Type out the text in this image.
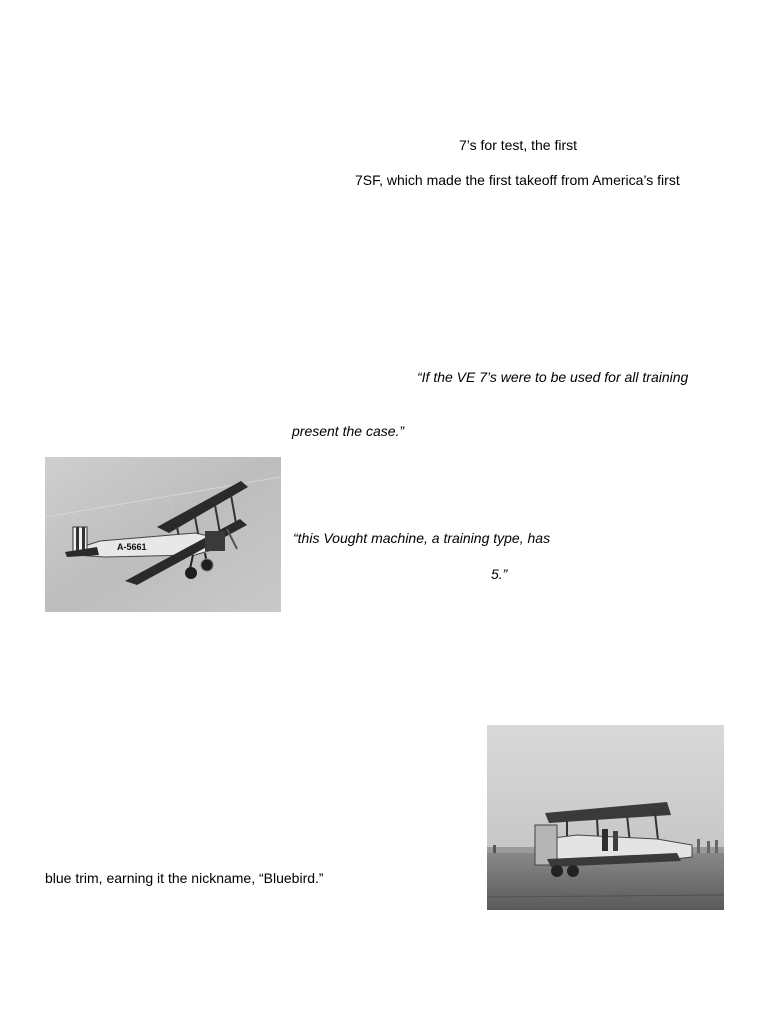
7’s for test, the first
7SF, which made the first takeoff from America’s first
“If the VE 7’s were to be used for all training
present the case.”
“this Vought machine, a training type, has
5.”
blue trim, earning it the nickname, “Bluebird.”
A-5661
